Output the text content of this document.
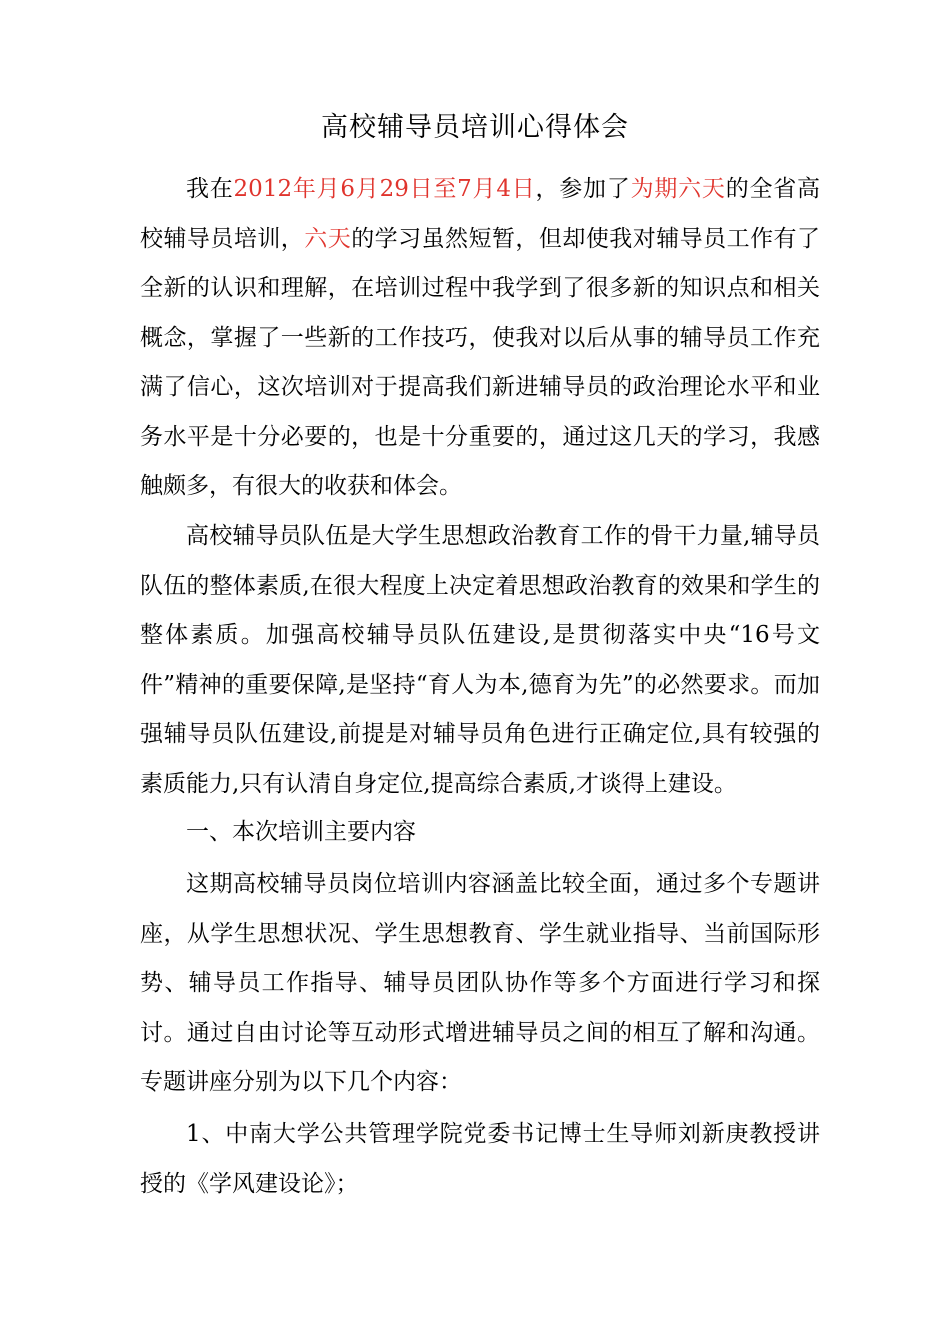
高校辅导员培训心得体会

我在2012年月6月29日至7月4日，参加了为期六天的全省高校辅导员培训，六天的学习虽然短暂，但却使我对辅导员工作有了全新的认识和理解，在培训过程中我学到了很多新的知识点和相关概念，掌握了一些新的工作技巧，使我对以后从事的辅导员工作充满了信心，这次培训对于提高我们新进辅导员的政治理论水平和业务水平是十分必要的，也是十分重要的，通过这几天的学习，我感触颇多，有很大的收获和体会。

高校辅导员队伍是大学生思想政治教育工作的骨干力量,辅导员队伍的整体素质,在很大程度上决定着思想政治教育的效果和学生的整体素质。加强高校辅导员队伍建设,是贯彻落实中央“16号文件”精神的重要保障,是坚持“育人为本,德育为先”的必然要求。而加强辅导员队伍建设,前提是对辅导员角色进行正确定位,具有较强的素质能力,只有认清自身定位,提高综合素质,才谈得上建设。

一、本次培训主要内容

这期高校辅导员岗位培训内容涵盖比较全面，通过多个专题讲座，从学生思想状况、学生思想教育、学生就业指导、当前国际形势、辅导员工作指导、辅导员团队协作等多个方面进行学习和探讨。通过自由讨论等互动形式增进辅导员之间的相互了解和沟通。专题讲座分别为以下几个内容：

1、中南大学公共管理学院党委书记博士生导师刘新庚教授讲授的《学风建设论》；
